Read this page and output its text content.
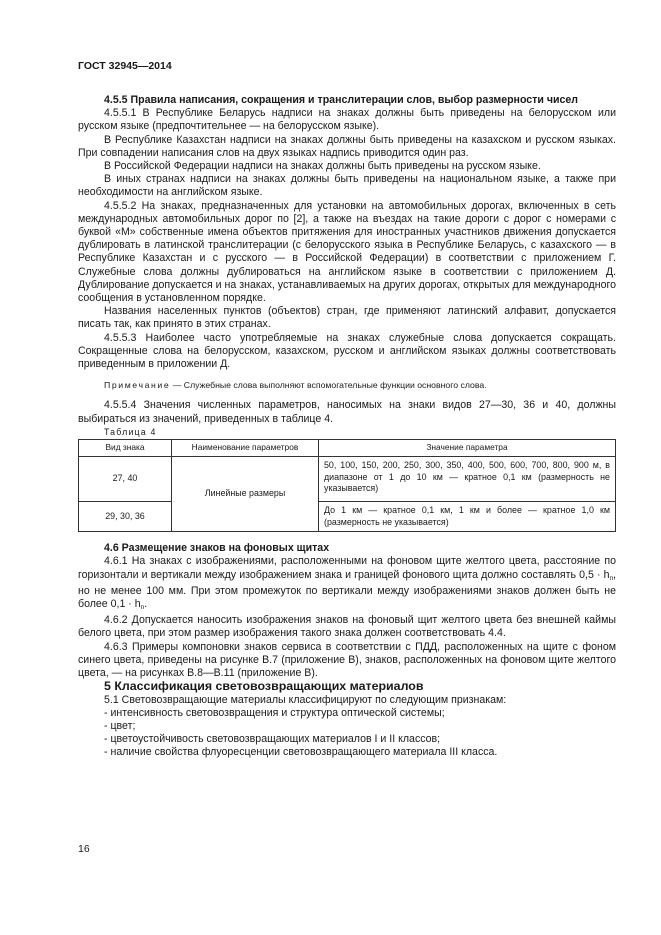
ГОСТ 32945—2014

4.5.5 Правила написания, сокращения и транслитерации слов, выбор размерности чисел

4.5.5.1 В Республике Беларусь надписи на знаках должны быть приведены на белорусском или русском языке (предпочтительнее — на белорусском языке).

В Республике Казахстан надписи на знаках должны быть приведены на казахском и русском языках. При совпадении написания слов на двух языках надпись приводится один раз.

В Российской Федерации надписи на знаках должны быть приведены на русском языке.

В иных странах надписи на знаках должны быть приведены на национальном языке, а также при необходимости на английском языке.

4.5.5.2 На знаках, предназначенных для установки на автомобильных дорогах, включенных в сеть международных автомобильных дорог по [2], а также на въездах на такие дороги с дорог с номерами с буквой «М» собственные имена объектов притяжения для иностранных участников движения допускается дублировать в латинской транслитерации (с белорусского языка в Республике Беларусь, с казахского — в Республике Казахстан и с русского — в Российской Федерации) в соответствии с приложением Г. Служебные слова должны дублироваться на английском языке в соответствии с приложением Д. Дублирование допускается и на знаках, устанавливаемых на других дорогах, открытых для международного сообщения в установленном порядке.

Названия населенных пунктов (объектов) стран, где применяют латинский алфавит, допускается писать так, как принято в этих странах.

4.5.5.3 Наиболее часто употребляемые на знаках служебные слова допускается сокращать. Сокращенные слова на белорусском, казахском, русском и английском языках должны соответствовать приведенным в приложении Д.

Примечание — Служебные слова выполняют вспомогательные функции основного слова.

4.5.5.4 Значения численных параметров, наносимых на знаки видов 27—30, 36 и 40, должны выбираться из значений, приведенных в таблице 4.

Таблица 4

Вид знака	Наименование параметров	Значение параметра
27, 40	Линейные размеры	50, 100, 150, 200, 250, 300, 350, 400, 500, 600, 700, 800, 900 м, в диапазоне от 1 до 10 км — кратное 0,1 км (размерность не указывается)
29, 30, 36		До 1 км — кратное 0,1 км, 1 км и более — кратное 1,0 км (размерность не указывается)

4.6 Размещение знаков на фоновых щитах

4.6.1 На знаках с изображениями, расположенными на фоновом щите желтого цвета, расстояние по горизонтали и вертикали между изображением знака и границей фонового щита должно составлять $0,5 \cdot h_п$, но не менее 100 мм. При этом промежуток по вертикали между изображениями знаков должен быть не более $0,1 \cdot h_п$.

4.6.2 Допускается наносить изображения знаков на фоновый щит желтого цвета без внешней каймы белого цвета, при этом размер изображения такого знака должен соответствовать 4.4.

4.6.3 Примеры компоновки знаков сервиса в соответствии с ПДД, расположенных на щите с фоном синего цвета, приведены на рисунке В.7 (приложение В), знаков, расположенных на фоновом щите желтого цвета, — на рисунках В.8—В.11 (приложение В).

5 Классификация световозвращающих материалов

5.1 Световозвращающие материалы классифицируют по следующим признакам:

- интенсивность световозвращения и структура оптической системы;
- цвет;
- цветоустойчивость световозвращающих материалов I и II классов;
- наличие свойства флуоресценции световозвращающего материала III класса.
16
